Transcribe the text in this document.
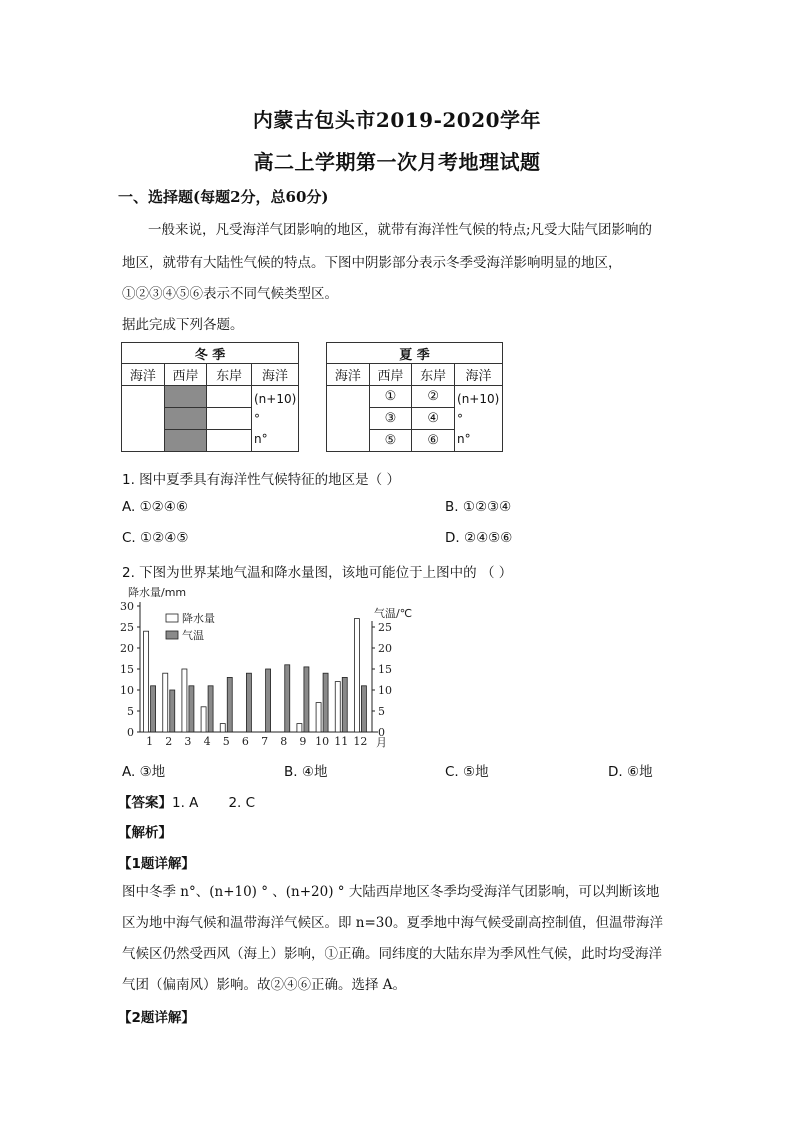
内蒙古包头市2019-2020学年
高二上学期第一次月考地理试题
一、选择题(每题2分，总60分)
一般来说，凡受海洋气团影响的地区，就带有海洋性气候的特点;凡受大陆气团影响的
地区，就带有大陆性气候的特点。下图中阴影部分表示冬季受海洋影响明显的地区，
①②③④⑤⑥表示不同气候类型区。
据此完成下列各题。
冬 季			
海洋	西岸	东岸	海洋

			(n+10)°
n°

夏 季			
海洋	西岸	东岸	海洋
	①	②	(n+10)°
n°

	③	④	
	⑤	⑥	
1. 图中夏季具有海洋性气候特征的地区是（ ）
A. ①②④⑥	B. ①②③④
C. ①②④⑤	D. ②④⑤⑥
2. 下图为世界某地气温和降水量图，该地可能位于上图中的 （ ）
0
5
10
15
20
25
30
0
5
10
15
20
25
降水量/mm
气温/℃
1 2 3 4 5 6 7 8 9 10 11 12 月
降水量
气温
A. ③地	B. ④地	C. ⑤地	D. ⑥地
【答案】1. A       2. C
【解析】
【1题详解】
图中冬季 n°、(n+10) ° 、(n+20) ° 大陆西岸地区冬季均受海洋气团影响，可以判断该地
区为地中海气候和温带海洋气候区。即 n=30。夏季地中海气候受副高控制值，但温带海洋
气候区仍然受西风（海上）影响，①正确。同纬度的大陆东岸为季风性气候，此时均受海洋
气团（偏南风）影响。故②④⑥正确。选择 A。
【2题详解】
